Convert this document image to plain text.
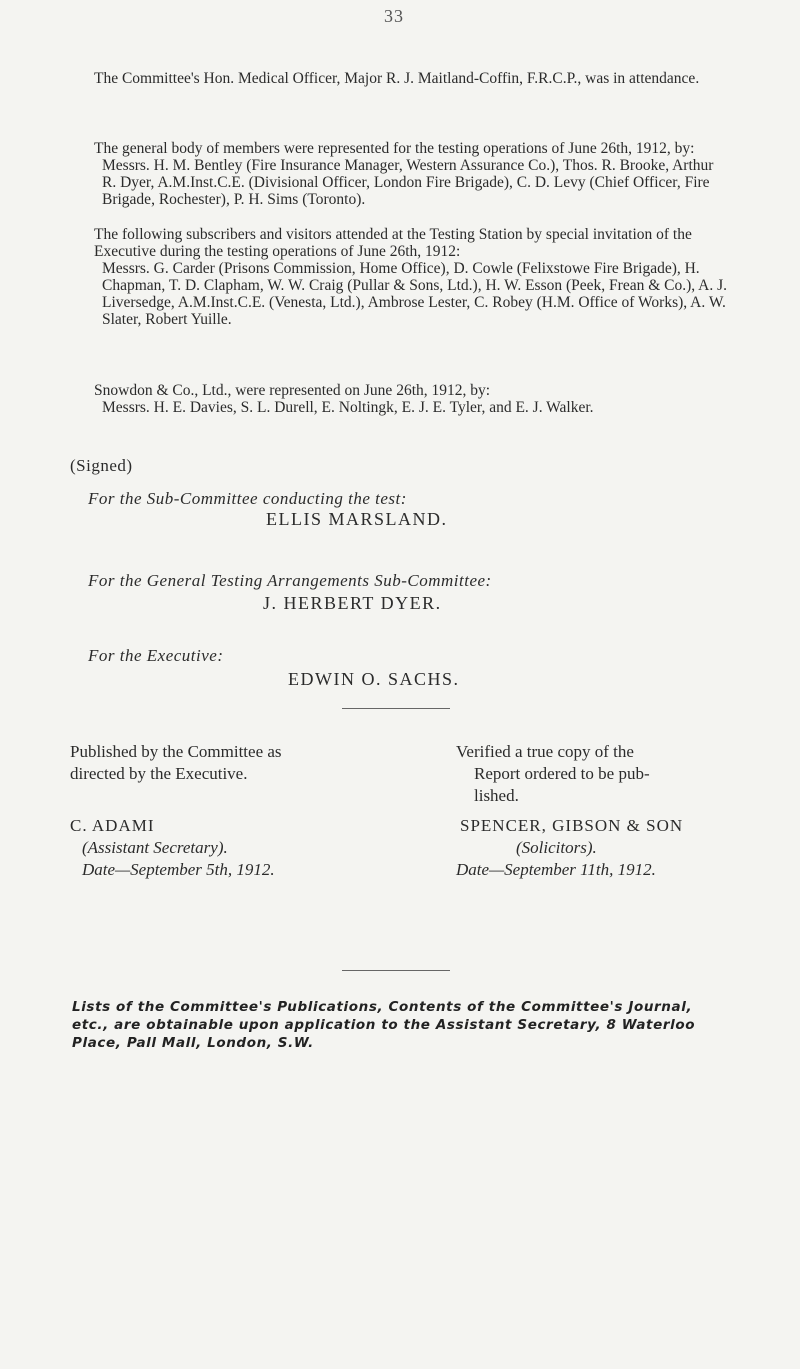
33

The Committee's Hon. Medical Officer, Major R. J. Maitland-Coffin, F.R.C.P., was in attendance.

The general body of members were represented for the testing operations of June 26th, 1912, by:

Messrs. H. M. Bentley (Fire Insurance Manager, Western Assurance Co.), Thos. R. Brooke, Arthur R. Dyer, A.M.Inst.C.E. (Divisional Officer, London Fire Brigade), C. D. Levy (Chief Officer, Fire Brigade, Rochester), P. H. Sims (Toronto).

The following subscribers and visitors attended at the Testing Station by special invitation of the Executive during the testing operations of June 26th, 1912:

Messrs. G. Carder (Prisons Commission, Home Office), D. Cowle (Felixstowe Fire Brigade), H. Chapman, T. D. Clapham, W. W. Craig (Pullar & Sons, Ltd.), H. W. Esson (Peek, Frean & Co.), A. J. Liversedge, A.M.Inst.C.E. (Venesta, Ltd.), Ambrose Lester, C. Robey (H.M. Office of Works), A. W. Slater, Robert Yuille.

Snowdon & Co., Ltd., were represented on June 26th, 1912, by:

Messrs. H. E. Davies, S. L. Durell, E. Noltingk, E. J. E. Tyler, and E. J. Walker.

(Signed)
For the Sub-Committee conducting the test:
ELLIS MARSLAND.
For the General Testing Arrangements Sub-Committee:
J. HERBERT DYER.
For the Executive:
EDWIN O. SACHS.

Published by the Committee as

directed by the Executive.

C. ADAMI

(Assistant Secretary).

Date—September 5th, 1912.

Verified a true copy of the

Report ordered to be pub-

lished.

SPENCER, GIBSON & SON

(Solicitors).

Date—September 11th, 1912.

Lists of the Committee's Publications, Contents of the Committee's Journal, etc., are obtainable upon application to the Assistant Secretary, 8 Waterloo Place, Pall Mall, London, S.W.
